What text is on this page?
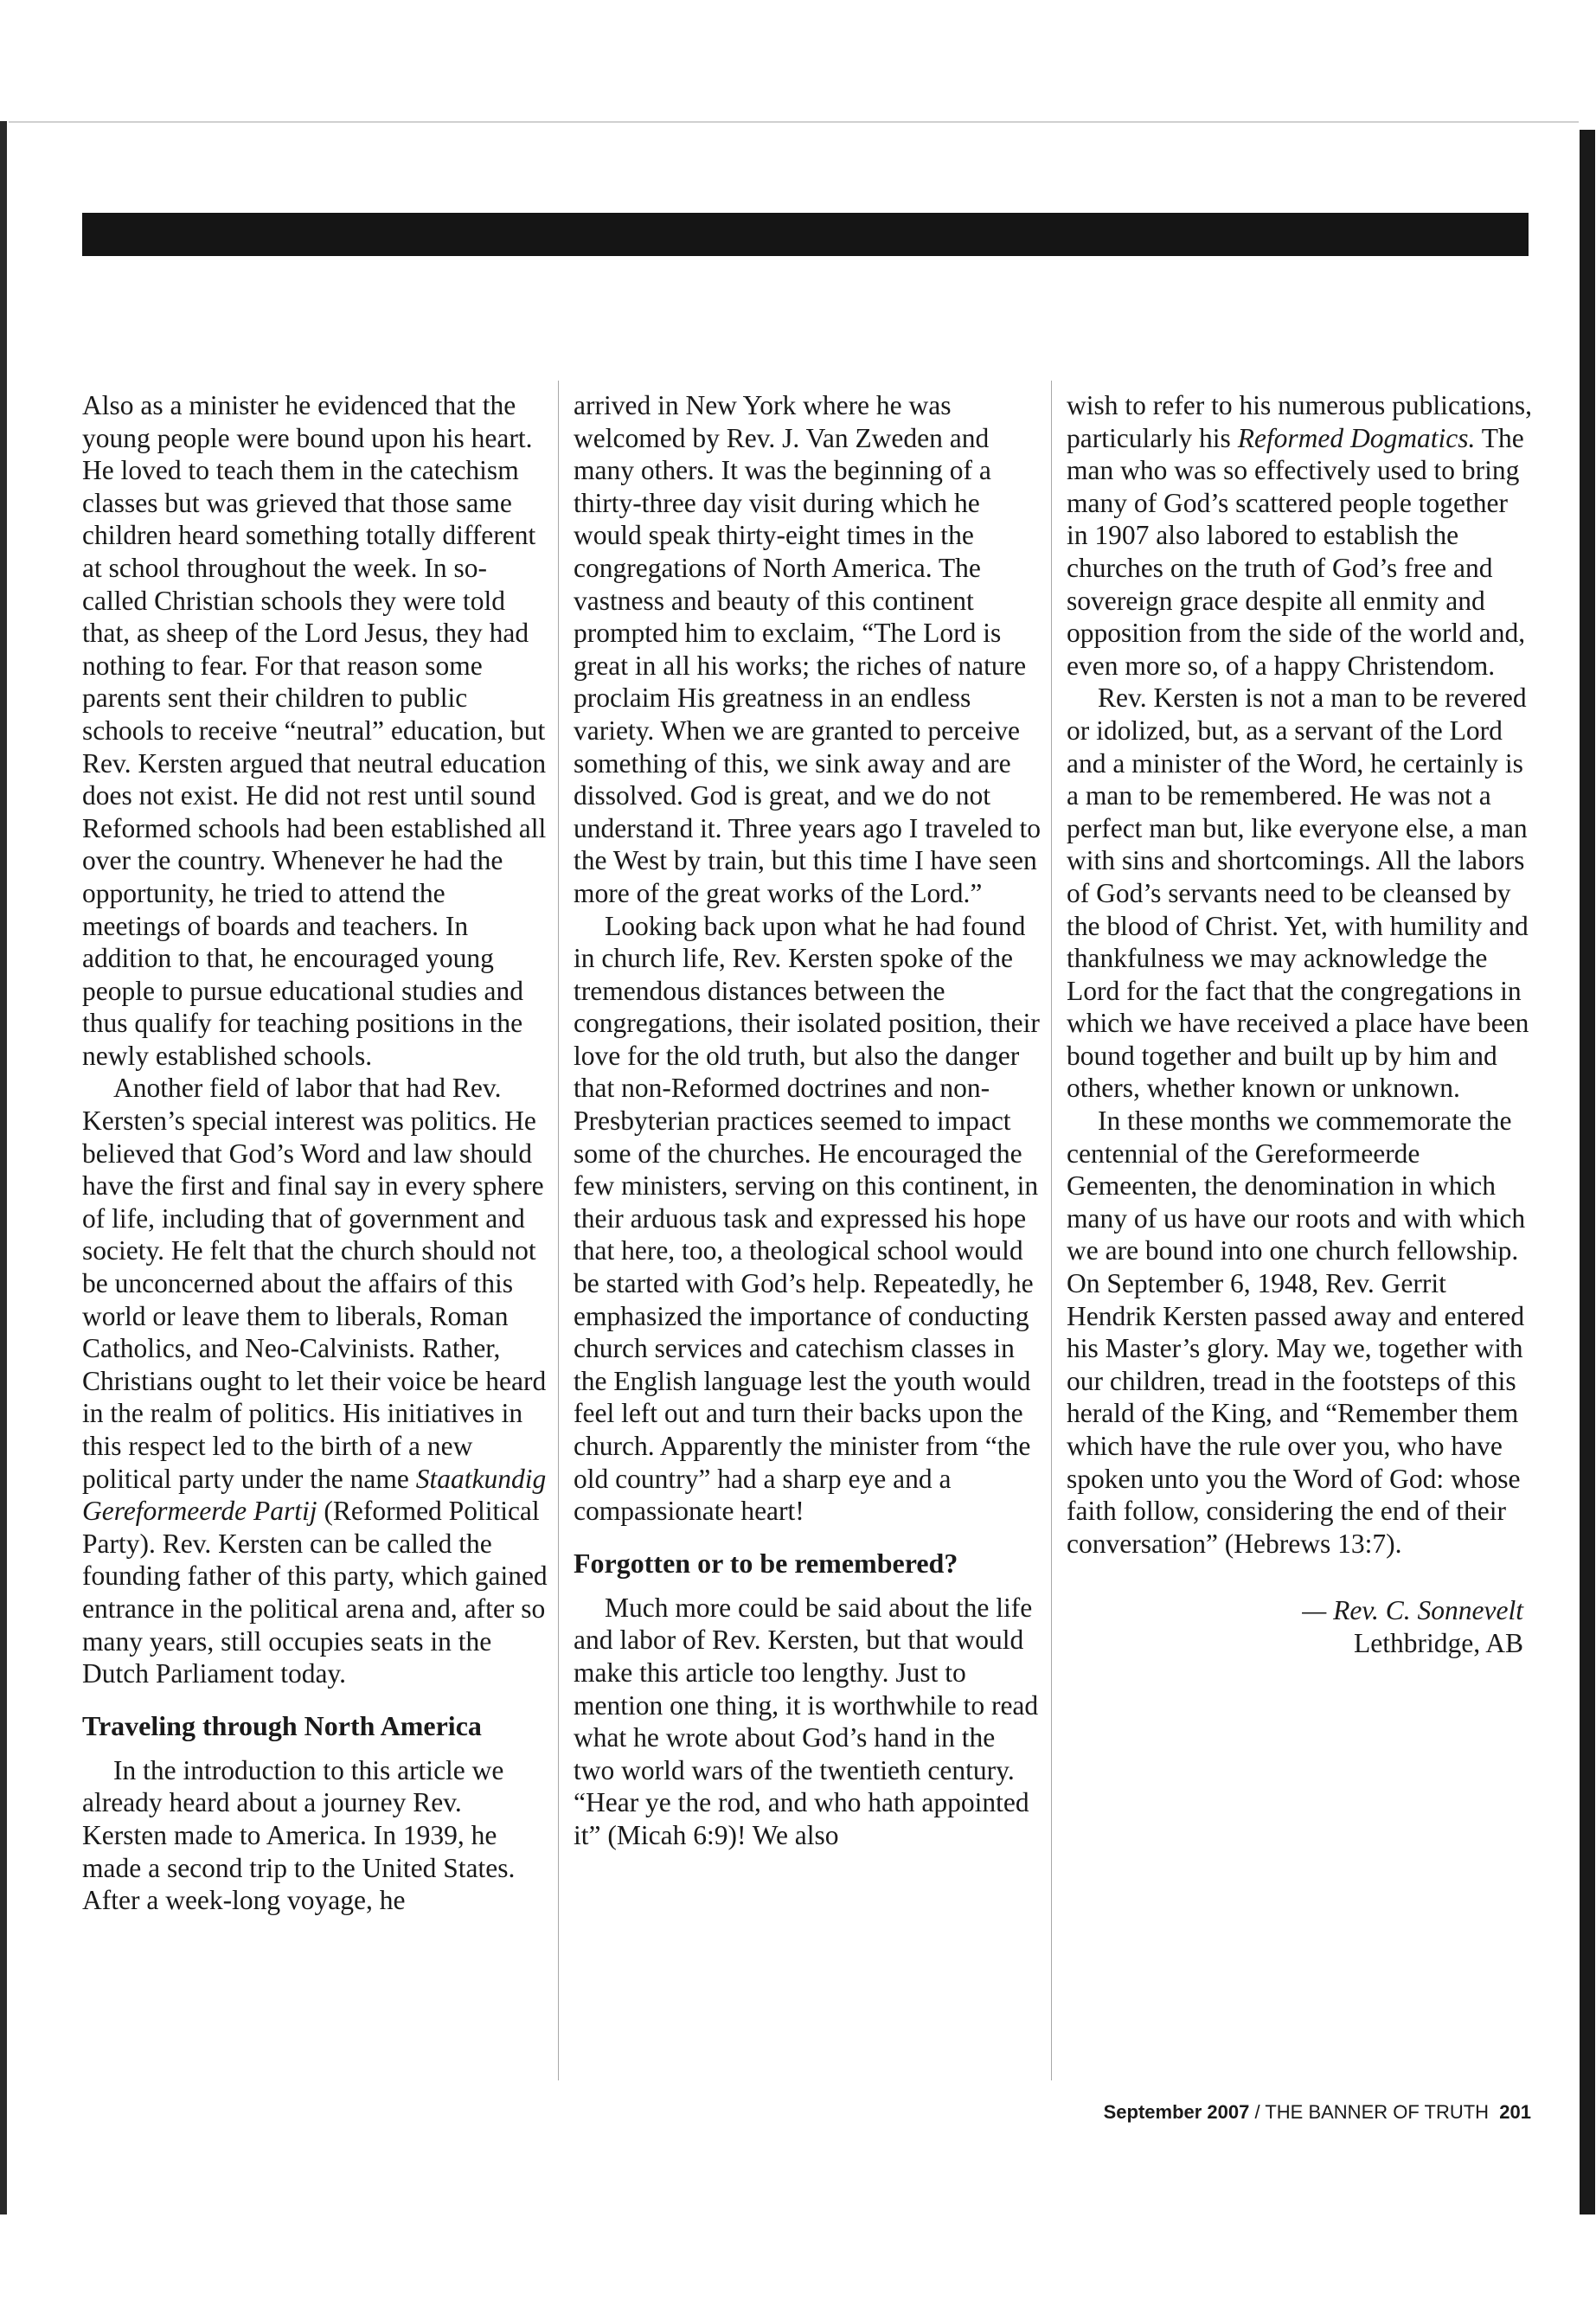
Also as a minister he evidenced that the young people were bound upon his heart. He loved to teach them in the catechism classes but was grieved that those same children heard something totally different at school throughout the week. In so-called Christian schools they were told that, as sheep of the Lord Jesus, they had nothing to fear. For that reason some parents sent their children to public schools to receive “neutral” education, but Rev. Kersten argued that neutral education does not exist. He did not rest until sound Reformed schools had been established all over the country. Whenever he had the opportunity, he tried to attend the meetings of boards and teachers. In addition to that, he encouraged young people to pursue educational studies and thus qualify for teaching positions in the newly established schools.

Another field of labor that had Rev. Kersten’s special interest was politics. He believed that God’s Word and law should have the first and final say in every sphere of life, including that of government and society. He felt that the church should not be unconcerned about the affairs of this world or leave them to liberals, Roman Catholics, and Neo-Calvinists. Rather, Christians ought to let their voice be heard in the realm of politics. His initiatives in this respect led to the birth of a new political party under the name Staatkundig Gereformeerde Partij (Reformed Political Party). Rev. Kersten can be called the founding father of this party, which gained entrance in the political arena and, after so many years, still occupies seats in the Dutch Parliament today.

Traveling through North America

In the introduction to this article we already heard about a journey Rev. Kersten made to America. In 1939, he made a second trip to the United States. After a week-long voyage, he

arrived in New York where he was welcomed by Rev. J. Van Zweden and many others. It was the beginning of a thirty-three day visit during which he would speak thirty-eight times in the congregations of North America. The vastness and beauty of this continent prompted him to exclaim, “The Lord is great in all his works; the riches of nature proclaim His greatness in an endless variety. When we are granted to perceive something of this, we sink away and are dissolved. God is great, and we do not understand it. Three years ago I traveled to the West by train, but this time I have seen more of the great works of the Lord.”

Looking back upon what he had found in church life, Rev. Kersten spoke of the tremendous distances between the congregations, their isolated position, their love for the old truth, but also the danger that non-Reformed doctrines and non-Presbyterian practices seemed to impact some of the churches. He encouraged the few ministers, serving on this continent, in their arduous task and expressed his hope that here, too, a theological school would be started with God’s help. Repeatedly, he emphasized the importance of conducting church services and catechism classes in the English language lest the youth would feel left out and turn their backs upon the church. Apparently the minister from “the old country” had a sharp eye and a compassionate heart!

Forgotten or to be remembered?

Much more could be said about the life and labor of Rev. Kersten, but that would make this article too lengthy. Just to mention one thing, it is worthwhile to read what he wrote about God’s hand in the two world wars of the twentieth century. “Hear ye the rod, and who hath appointed it” (Micah 6:9)! We also

wish to refer to his numerous publications, particularly his Reformed Dogmatics. The man who was so effectively used to bring many of God’s scattered people together in 1907 also labored to establish the churches on the truth of God’s free and sovereign grace despite all enmity and opposition from the side of the world and, even more so, of a happy Christendom.

Rev. Kersten is not a man to be revered or idolized, but, as a servant of the Lord and a minister of the Word, he certainly is a man to be remembered. He was not a perfect man but, like everyone else, a man with sins and shortcomings. All the labors of God’s servants need to be cleansed by the blood of Christ. Yet, with humility and thankfulness we may acknowledge the Lord for the fact that the congregations in which we have received a place have been bound together and built up by him and others, whether known or unknown.

In these months we commemorate the centennial of the Gereformeerde Gemeenten, the denomination in which many of us have our roots and with which we are bound into one church fellowship. On September 6, 1948, Rev. Gerrit Hendrik Kersten passed away and entered his Master’s glory. May we, together with our children, tread in the footsteps of this herald of the King, and “Remember them which have the rule over you, who have spoken unto you the Word of God: whose faith follow, considering the end of their conversation” (Hebrews 13:7).

— Rev. C. Sonnevelt
Lethbridge, AB
September 2007 / THE BANNER OF TRUTH 201
